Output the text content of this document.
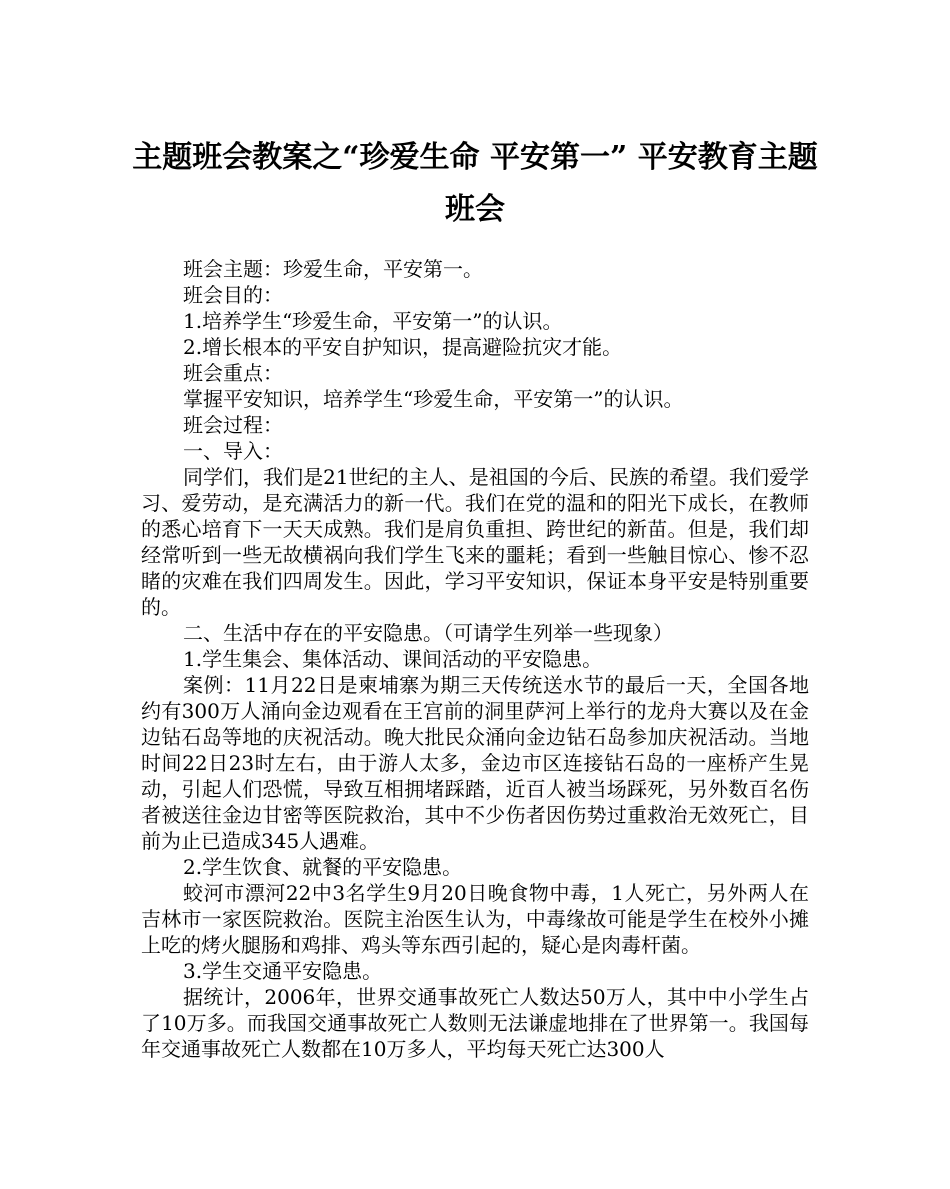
主题班会教案之“珍爱生命 平安第一” 平安教育主题
班会

班会主题：珍爱生命，平安第一。

班会目的：

1.培养学生“珍爱生命，平安第一”的认识。

2.增长根本的平安自护知识，提高避险抗灾才能。

班会重点：

掌握平安知识，培养学生“珍爱生命，平安第一”的认识。

班会过程：

一、导入：

同学们，我们是21世纪的主人、是祖国的今后、民族的希望。我们爱学习、爱劳动，是充满活力的新一代。我们在党的温和的阳光下成长，在教师的悉心培育下一天天成熟。我们是肩负重担、跨世纪的新苗。但是，我们却经常听到一些无故横祸向我们学生飞来的噩耗；看到一些触目惊心、惨不忍睹的灾难在我们四周发生。因此，学习平安知识，保证本身平安是特别重要的。

二、生活中存在的平安隐患。（可请学生列举一些现象）

1.学生集会、集体活动、课间活动的平安隐患。

案例：11月22日是柬埔寨为期三天传统送水节的最后一天，全国各地约有300万人涌向金边观看在王宫前的洞里萨河上举行的龙舟大赛以及在金边钻石岛等地的庆祝活动。晚大批民众涌向金边钻石岛参加庆祝活动。当地时间22日23时左右，由于游人太多，金边市区连接钻石岛的一座桥产生晃动，引起人们恐慌，导致互相拥堵踩踏，近百人被当场踩死，另外数百名伤者被送往金边甘密等医院救治，其中不少伤者因伤势过重救治无效死亡，目前为止已造成345人遇难。

2.学生饮食、就餐的平安隐患。

蛟河市漂河22中3名学生9月20日晚食物中毒，1人死亡，另外两人在吉林市一家医院救治。医院主治医生认为，中毒缘故可能是学生在校外小摊上吃的烤火腿肠和鸡排、鸡头等东西引起的，疑心是肉毒杆菌。

3.学生交通平安隐患。

据统计，2006年，世界交通事故死亡人数达50万人，其中中小学生占了10万多。而我国交通事故死亡人数则无法谦虚地排在了世界第一。我国每年交通事故死亡人数都在10万多人，平均每天死亡达300人
